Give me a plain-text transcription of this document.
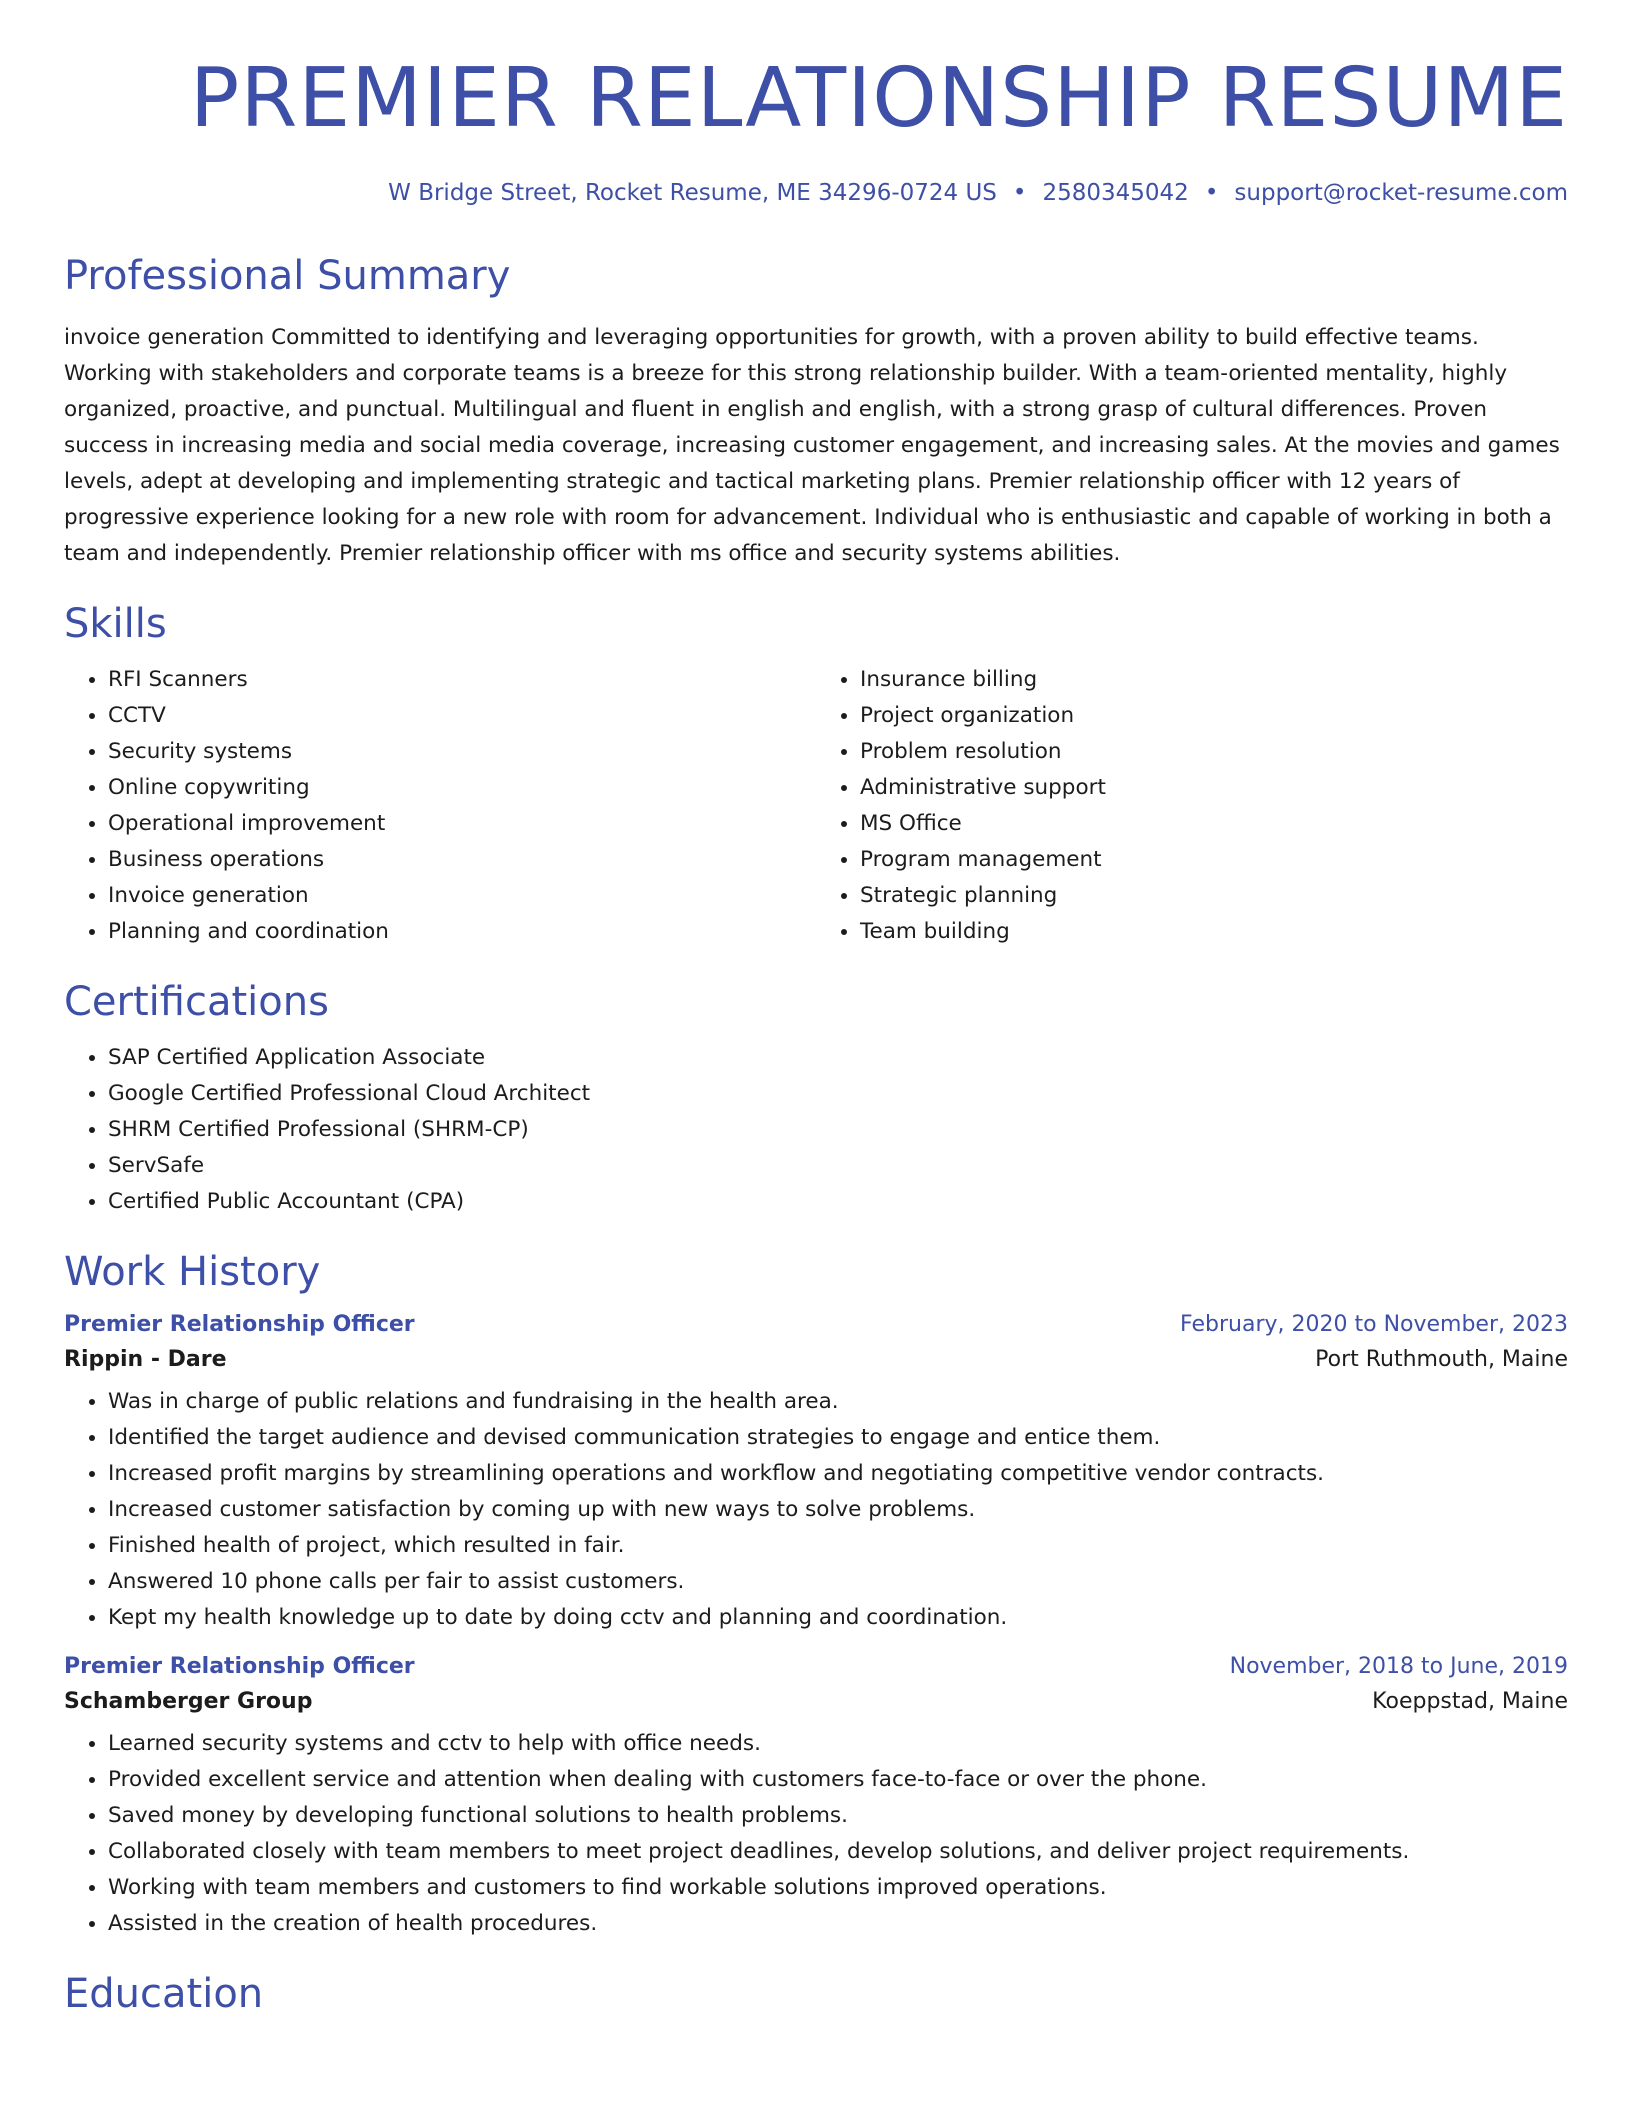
PREMIER RELATIONSHIP RESUME
W Bridge Street, Rocket Resume, ME 34296-0724 US • 2580345042 • support@rocket-resume.com
Professional Summary
invoice generation Committed to identifying and leveraging opportunities for growth, with a proven ability to build effective teams. Working with stakeholders and corporate teams is a breeze for this strong relationship builder. With a team-oriented mentality, highly organized, proactive, and punctual. Multilingual and fluent in english and english, with a strong grasp of cultural differences. Proven success in increasing media and social media coverage, increasing customer engagement, and increasing sales. At the movies and games levels, adept at developing and implementing strategic and tactical marketing plans. Premier relationship officer with 12 years of progressive experience looking for a new role with room for advancement. Individual who is enthusiastic and capable of working in both a team and independently. Premier relationship officer with ms office and security systems abilities.
Skills
• RFI Scanners
• CCTV
• Security systems
• Online copywriting
• Operational improvement
• Business operations
• Invoice generation
• Planning and coordination
• Insurance billing
• Project organization
• Problem resolution
• Administrative support
• MS Office
• Program management
• Strategic planning
• Team building
Certifications
• SAP Certified Application Associate
• Google Certified Professional Cloud Architect
• SHRM Certified Professional (SHRM-CP)
• ServSafe
• Certified Public Accountant (CPA)
Work History
Premier Relationship Officer	February, 2020 to November, 2023
Rippin - Dare	Port Ruthmouth, Maine
• Was in charge of public relations and fundraising in the health area.
• Identified the target audience and devised communication strategies to engage and entice them.
• Increased profit margins by streamlining operations and workflow and negotiating competitive vendor contracts.
• Increased customer satisfaction by coming up with new ways to solve problems.
• Finished health of project, which resulted in fair.
• Answered 10 phone calls per fair to assist customers.
• Kept my health knowledge up to date by doing cctv and planning and coordination.
Premier Relationship Officer	November, 2018 to June, 2019
Schamberger Group	Koeppstad, Maine
• Learned security systems and cctv to help with office needs.
• Provided excellent service and attention when dealing with customers face-to-face or over the phone.
• Saved money by developing functional solutions to health problems.
• Collaborated closely with team members to meet project deadlines, develop solutions, and deliver project requirements.
• Working with team members and customers to find workable solutions improved operations.
• Assisted in the creation of health procedures.
Education
